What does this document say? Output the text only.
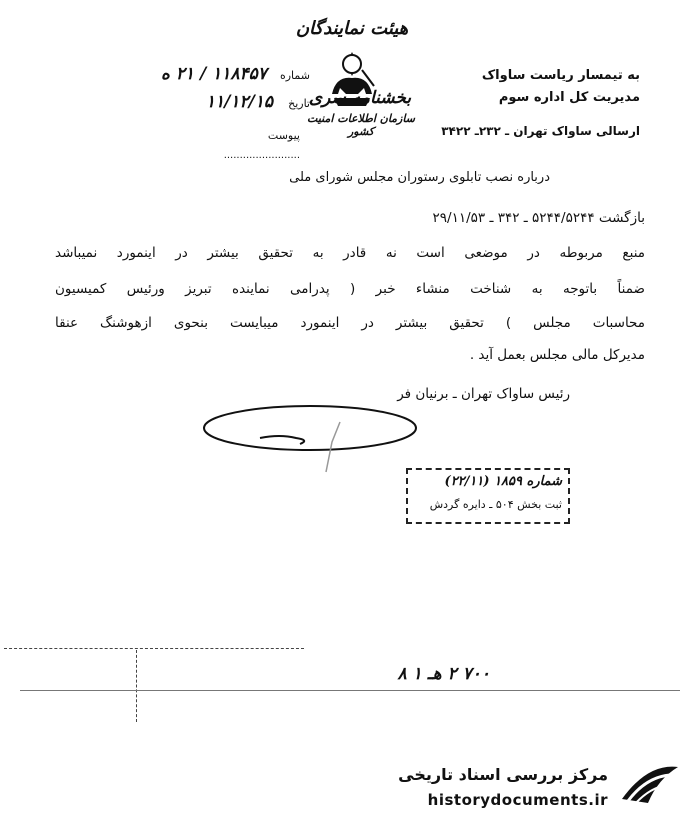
هیئت نمایندگان
بخشنامه سری
سازمان اطلاعات امنیت کشور
به تیمسار ریاست ساواک
مدیریت کل اداره سوم
ارسالی ساواک تهران ـ ۲۳۲ـ ۳۴۲۲
شماره ۱۱۸۴۵۷ / ۲۱ ه
تاریخ ۱۱/۱۲/۱۵
پیوست ........................
درباره نصب تابلوی رستوران مجلس شورای ملی
بازگشت ۵۲۴۴/۵۲۴۴ ـ ۳۴۲ ـ ۲۹/۱۱/۵۳
منبع مربوطه در موضعی است نه قادر به تحقیق بیشتر در اینمورد نمیباشد
ضمناً باتوجه به شناخت منشاء خبر ( پدرامی نماینده تبریز ورئیس کمیسیون
محاسبات مجلس ) تحقیق بیشتر در اینمورد میبایست بنحوی ازهوشنگ عنقا
مدیرکل مالی مجلس بعمل آید .
رئیس ساواک تهران ـ برنیان فر
شماره ۱۸۵۹ (۲۲/۱۱)
ثبت بخش ۵۰۴ ـ دایره گردش
۷۰۰ ۲ هـ ۱ ۸
مرکز بررسی اسناد تاریخی
historydocuments.ir
